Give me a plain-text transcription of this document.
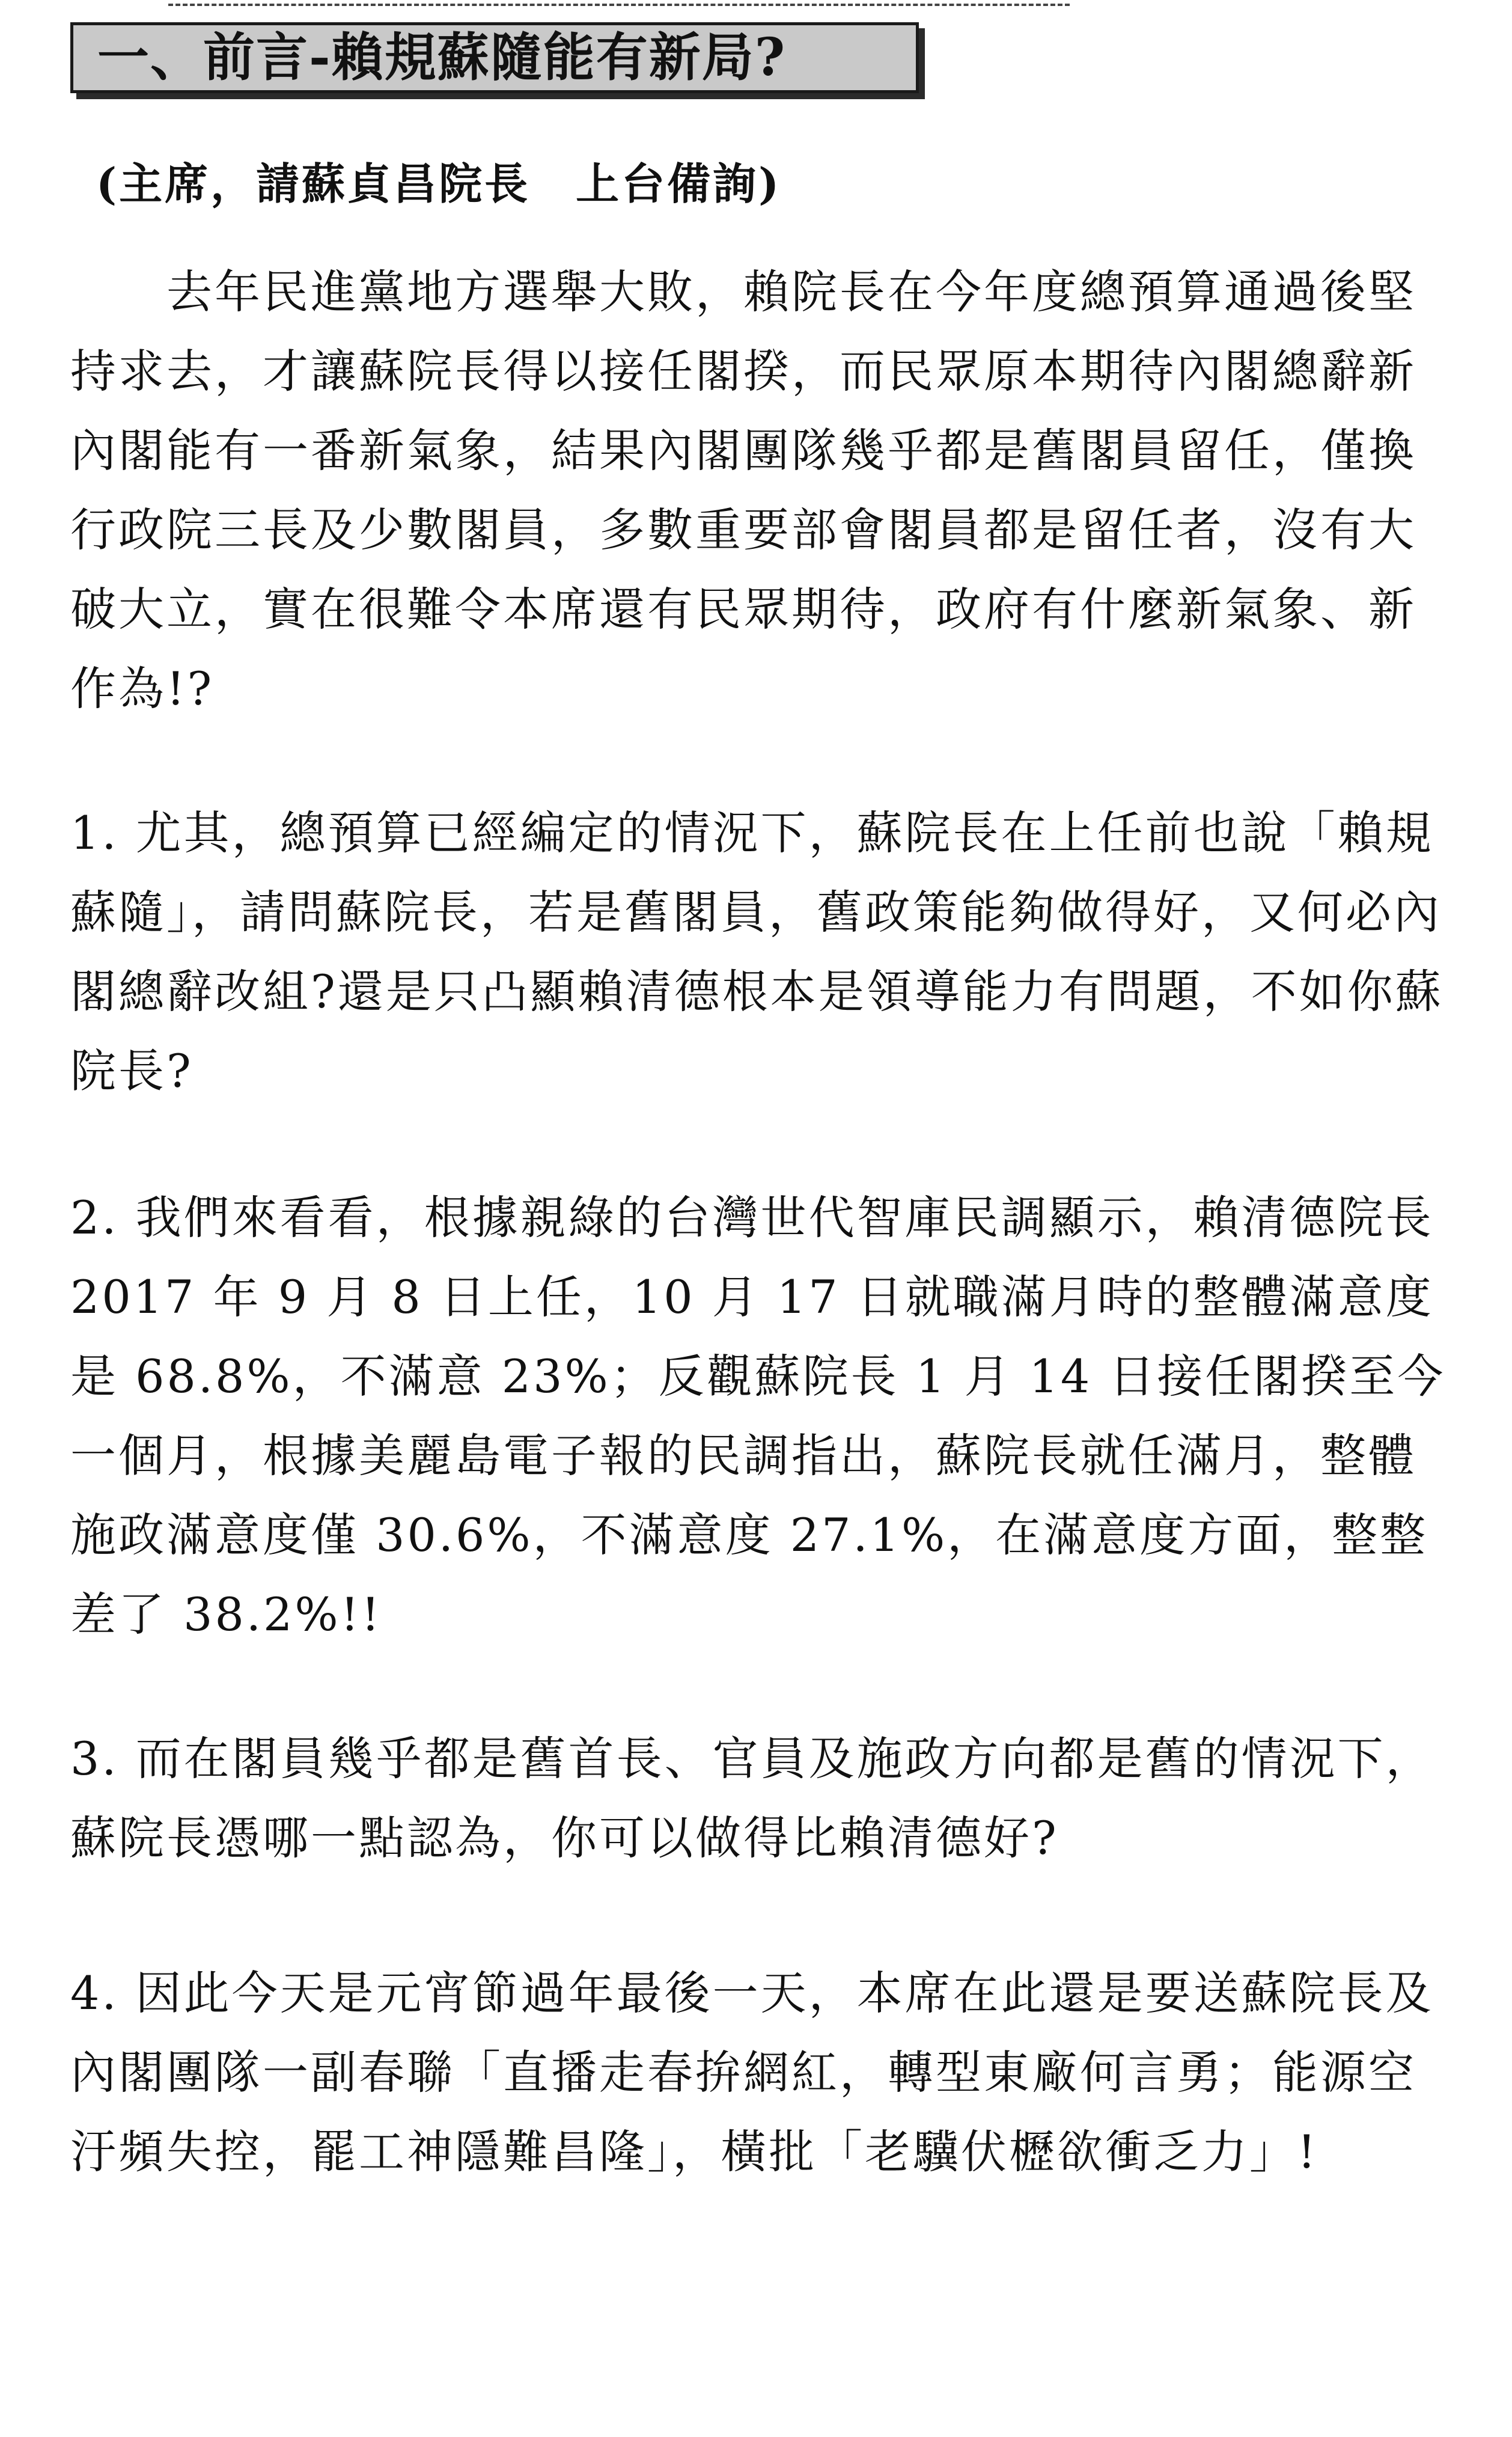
一、前言-賴規蘇隨能有新局?
(主席，請蘇貞昌院長　上台備詢)
　　去年民進黨地方選舉大敗，賴院長在今年度總預算通過後堅持求去，才讓蘇院長得以接任閣揆，而民眾原本期待內閣總辭新內閣能有一番新氣象，結果內閣團隊幾乎都是舊閣員留任，僅換行政院三長及少數閣員，多數重要部會閣員都是留任者，沒有大破大立，實在很難令本席還有民眾期待，政府有什麼新氣象、新作為!?
1. 尤其，總預算已經編定的情況下，蘇院長在上任前也說「賴規蘇隨」，請問蘇院長，若是舊閣員，舊政策能夠做得好，又何必內閣總辭改組?還是只凸顯賴清德根本是領導能力有問題，不如你蘇院長?
2. 我們來看看，根據親綠的台灣世代智庫民調顯示，賴清德院長 2017 年 9 月 8 日上任，10 月 17 日就職滿月時的整體滿意度是 68.8%，不滿意 23%；反觀蘇院長 1 月 14 日接任閣揆至今一個月，根據美麗島電子報的民調指出，蘇院長就任滿月，整體施政滿意度僅 30.6%，不滿意度 27.1%，在滿意度方面，整整差了 38.2%!!
3. 而在閣員幾乎都是舊首長、官員及施政方向都是舊的情況下，蘇院長憑哪一點認為，你可以做得比賴清德好?
4. 因此今天是元宵節過年最後一天，本席在此還是要送蘇院長及內閣團隊一副春聯「直播走春拚網紅，轉型東廠何言勇；能源空汙頻失控，罷工神隱難昌隆」，橫批「老驥伏櫪欲衝乏力」!
